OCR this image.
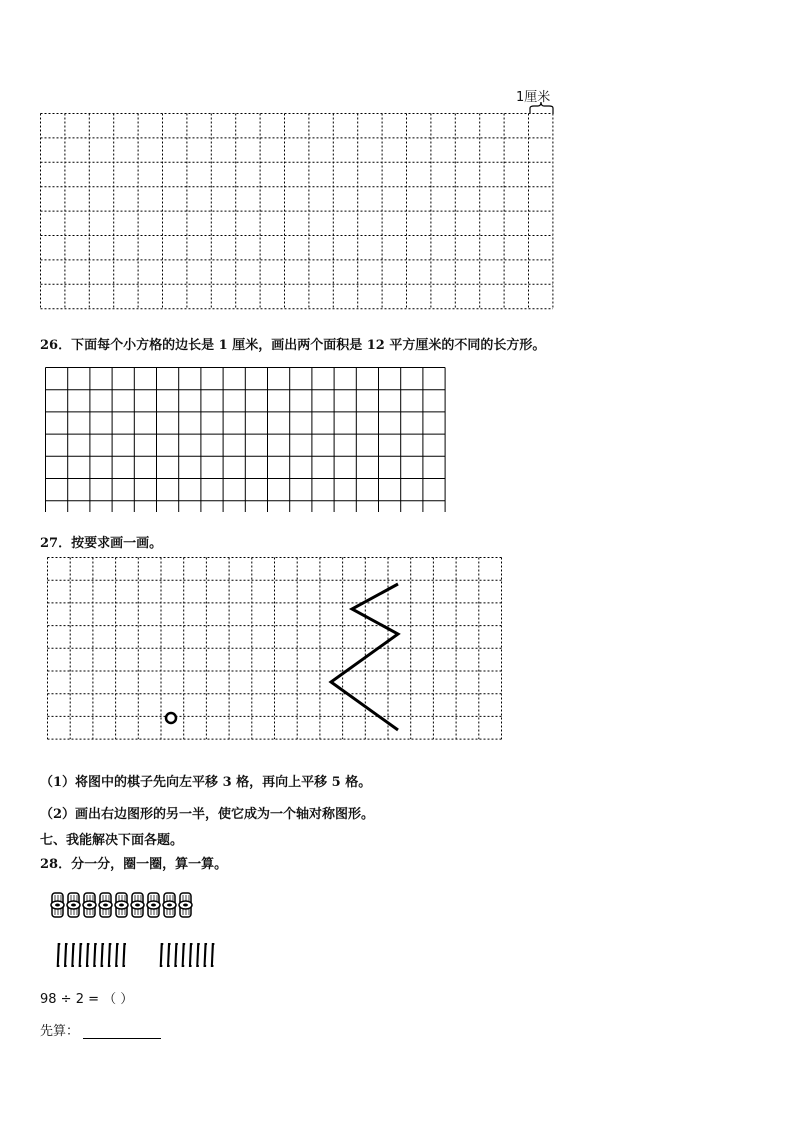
1厘米
26．下面每个小方格的边长是 1 厘米，画出两个面积是 12 平方厘米的不同的长方形。
27．按要求画一画。
（1）将图中的棋子先向左平移 3 格，再向上平移 5 格。
（2）画出右边图形的另一半，使它成为一个轴对称图形。
七、我能解决下面各题。
28．分一分，圈一圈，算一算。
98 ÷ 2 = （ ）
先算：
